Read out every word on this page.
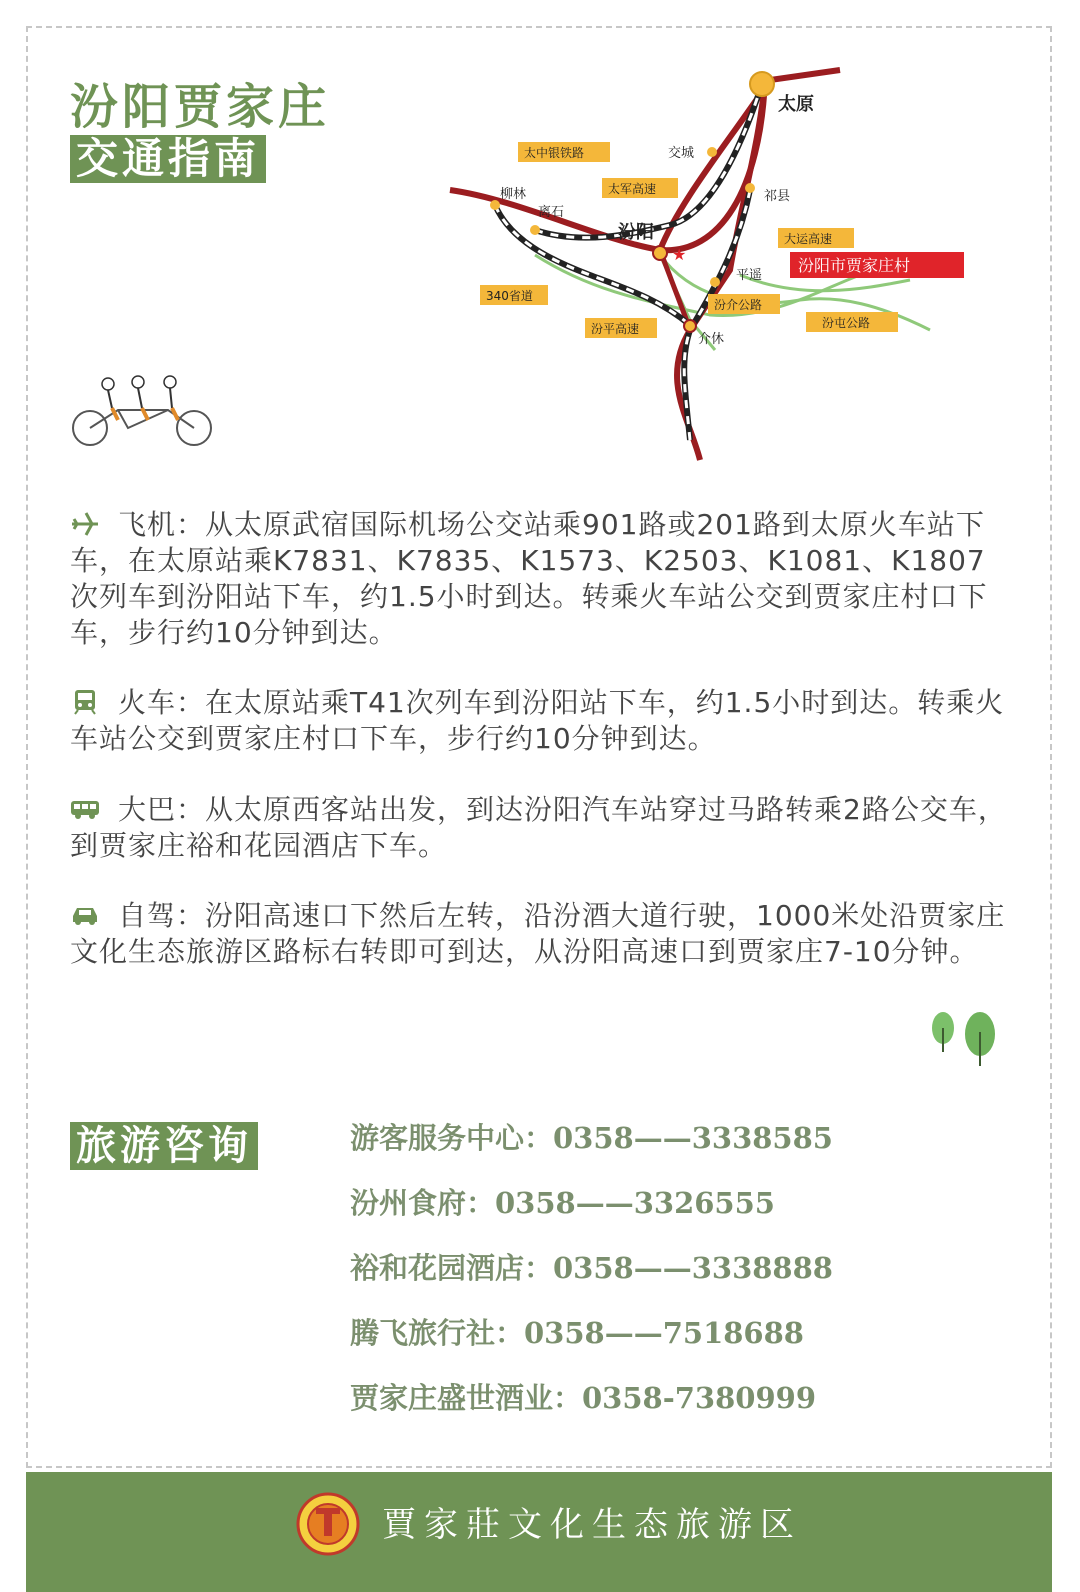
汾阳贾家庄
交通指南
★
太原
交城
祁县
汾阳
柳林
离石
平遥
介休
太中银铁路
太军高速
大运高速
340省道
汾平高速
汾介公路
汾屯公路
汾阳市贾家庄村
飞机：从太原武宿国际机场公交站乘901路或201路到太原火车站下车，在太原站乘K7831、K7835、K1573、K2503、K1081、K1807次列车到汾阳站下车，约1.5小时到达。转乘火车站公交到贾家庄村口下车，步行约10分钟到达。
火车：在太原站乘T41次列车到汾阳站下车，约1.5小时到达。转乘火车站公交到贾家庄村口下车，步行约10分钟到达。
大巴：从太原西客站出发，到达汾阳汽车站穿过马路转乘2路公交车，到贾家庄裕和花园酒店下车。
自驾：汾阳高速口下然后左转，沿汾酒大道行驶，1000米处沿贾家庄文化生态旅游区路标右转即可到达，从汾阳高速口到贾家庄7-10分钟。
旅游咨询	游客服务中心：0358——3338585
汾州食府：0358——3326555
裕和花园酒店：0358——3338888
腾飞旅行社：0358——7518688
贾家庄盛世酒业：0358-7380999
賈家莊文化生态旅游区
